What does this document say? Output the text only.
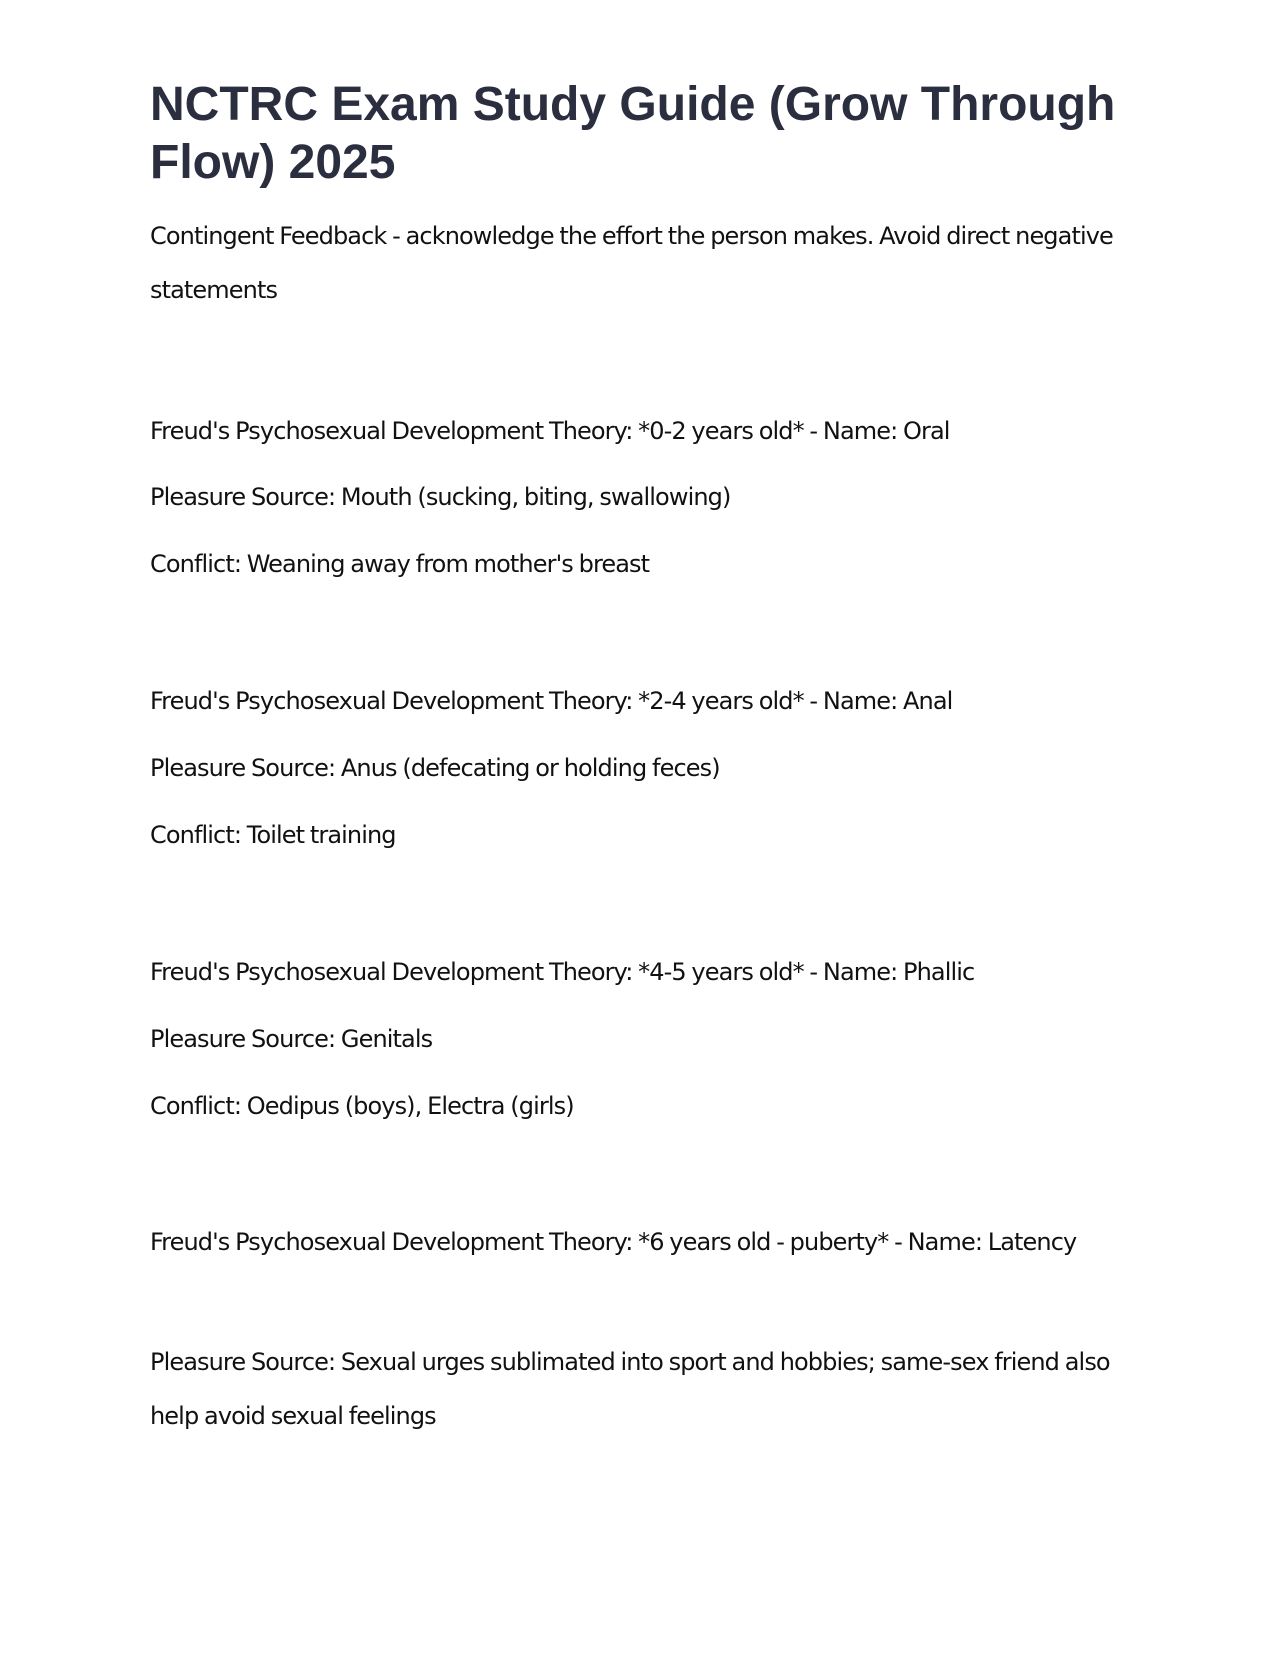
NCTRC Exam Study Guide (Grow Through Flow) 2025

Contingent Feedback - acknowledge the effort the person makes. Avoid direct negative statements

Freud's Psychosexual Development Theory: *0-2 years old* - Name: Oral

Pleasure Source: Mouth (sucking, biting, swallowing)

Conflict: Weaning away from mother's breast

Freud's Psychosexual Development Theory: *2-4 years old* - Name: Anal

Pleasure Source: Anus (defecating or holding feces)

Conflict: Toilet training

Freud's Psychosexual Development Theory: *4-5 years old* - Name: Phallic

Pleasure Source: Genitals

Conflict: Oedipus (boys), Electra (girls)

Freud's Psychosexual Development Theory: *6 years old - puberty* - Name: Latency

Pleasure Source: Sexual urges sublimated into sport and hobbies; same-sex friend also help avoid sexual feelings
